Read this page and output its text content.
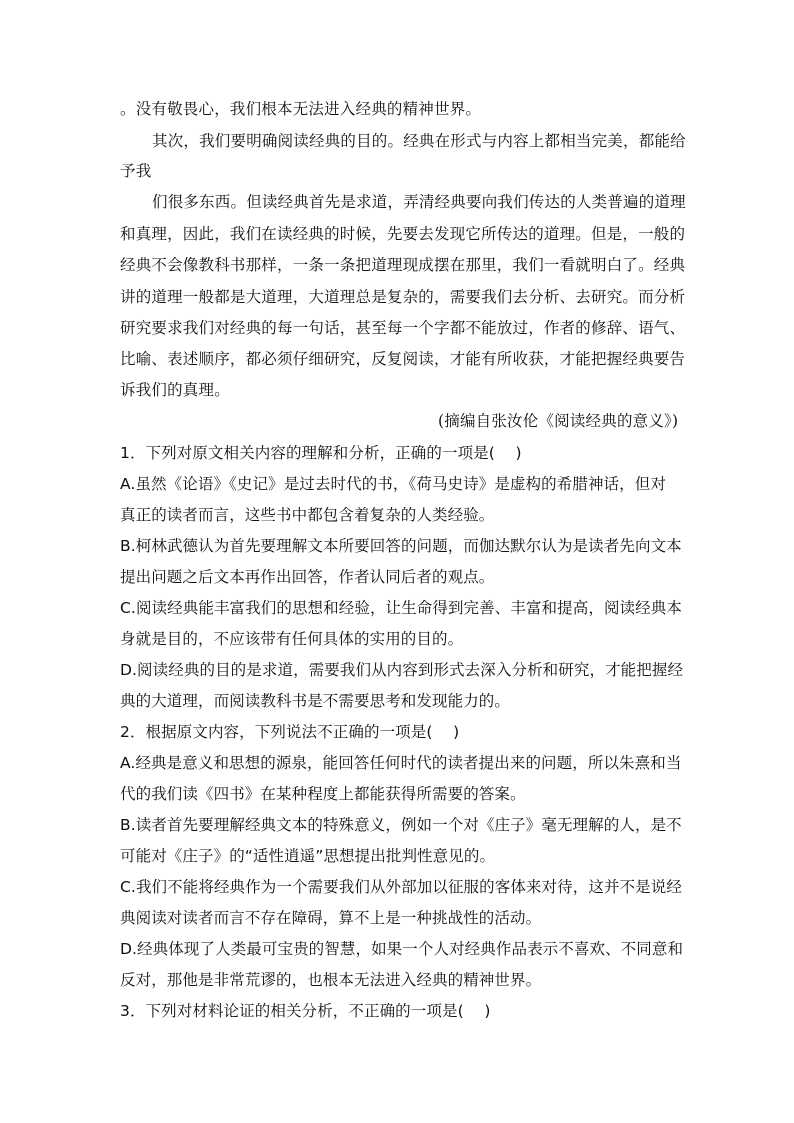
。没有敬畏心，我们根本无法进入经典的精神世界。
其次，我们要明确阅读经典的目的。经典在形式与内容上都相当完美，都能给
予我
们很多东西。但读经典首先是求道，弄清经典要向我们传达的人类普遍的道理
和真理，因此，我们在读经典的时候，先要去发现它所传达的道理。但是，一般的
经典不会像教科书那样，一条一条把道理现成摆在那里，我们一看就明白了。经典
讲的道理一般都是大道理，大道理总是复杂的，需要我们去分析、去研究。而分析
研究要求我们对经典的每一句话，甚至每一个字都不能放过，作者的修辞、语气、
比喻、表述顺序，都必须仔细研究，反复阅读，才能有所收获，才能把握经典要告
诉我们的真理。
(摘编自张汝伦《阅读经典的意义》)
1．下列对原文相关内容的理解和分析，正确的一项是(　 )
A.虽然《论语》《史记》是过去时代的书，《荷马史诗》是虚构的希腊神话，但对
真正的读者而言，这些书中都包含着复杂的人类经验。
B.柯林武德认为首先要理解文本所要回答的问题，而伽达默尔认为是读者先向文本
提出问题之后文本再作出回答，作者认同后者的观点。
C.阅读经典能丰富我们的思想和经验，让生命得到完善、丰富和提高，阅读经典本
身就是目的，不应该带有任何具体的实用的目的。
D.阅读经典的目的是求道，需要我们从内容到形式去深入分析和研究，才能把握经
典的大道理，而阅读教科书是不需要思考和发现能力的。
2．根据原文内容，下列说法不正确的一项是(　 )
A.经典是意义和思想的源泉，能回答任何时代的读者提出来的问题，所以朱熹和当
代的我们读《四书》在某种程度上都能获得所需要的答案。
B.读者首先要理解经典文本的特殊意义，例如一个对《庄子》毫无理解的人，是不
可能对《庄子》的“适性逍遥”思想提出批判性意见的。
C.我们不能将经典作为一个需要我们从外部加以征服的客体来对待，这并不是说经
典阅读对读者而言不存在障碍，算不上是一种挑战性的活动。
D.经典体现了人类最可宝贵的智慧，如果一个人对经典作品表示不喜欢、不同意和
反对，那他是非常荒谬的，也根本无法进入经典的精神世界。
3．下列对材料论证的相关分析，不正确的一项是(　 )
